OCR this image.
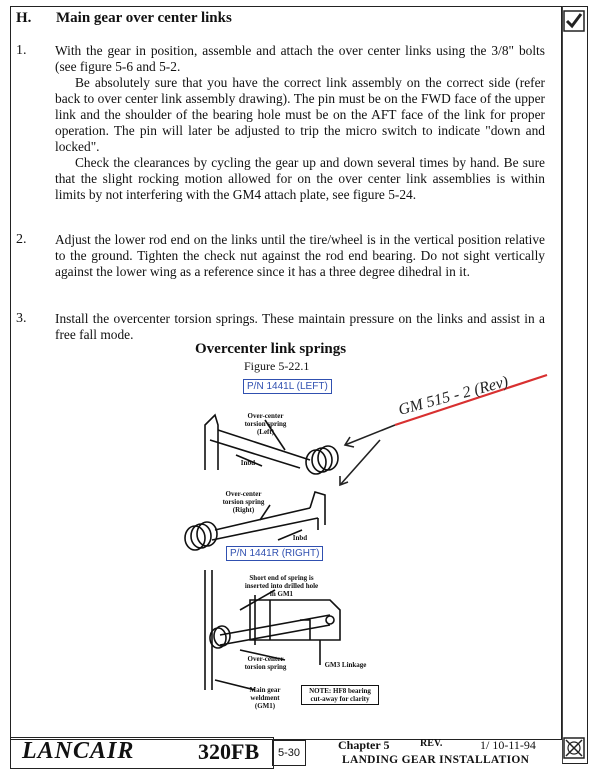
H. Main gear over center links
1. With the gear in position, assemble and attach the over center links using the 3/8" bolts (see figure 5-6 and 5-2.

Be absolutely sure that you have the correct link assembly on the correct side (refer back to over center link assembly drawing). The pin must be on the FWD face of the upper link and the shoulder of the bearing hole must be on the AFT face of the link for proper operation. The pin will later be adjusted to trip the micro switch to indicate "down and locked".

Check the clearances by cycling the gear up and down several times by hand. Be sure that the slight rocking motion allowed for on the over center link assemblies is within limits by not interfering with the GM4 attach plate, see figure 5-24.

2. Adjust the lower rod end on the links until the tire/wheel is in the vertical position relative to the ground. Tighten the check nut against the rod end bearing. Do not sight vertically against the lower wing as a reference since it has a three degree dihedral in it.

3. Install the overcenter torsion springs. These maintain pressure on the links and assist in a free fall mode.

Overcenter link springs
Figure 5-22.1
GM 515 - 2 (Rev)
P/N 1441L (LEFT)
P/N 1441R (RIGHT)
Over-center torsion spring (Left)
Inbd
Over-center torsion spring (Right)
Inbd
Short end of spring is inserted into drilled hole in GM1
Over-center torsion spring	GM3 Linkage
Main gear weldment (GM1)
NOTE: HF8 bearing cut-away for clarity
LANCAIR	320FB	5-30
Chapter 5	REV.	1/ 10-11-94
LANDING GEAR INSTALLATION
